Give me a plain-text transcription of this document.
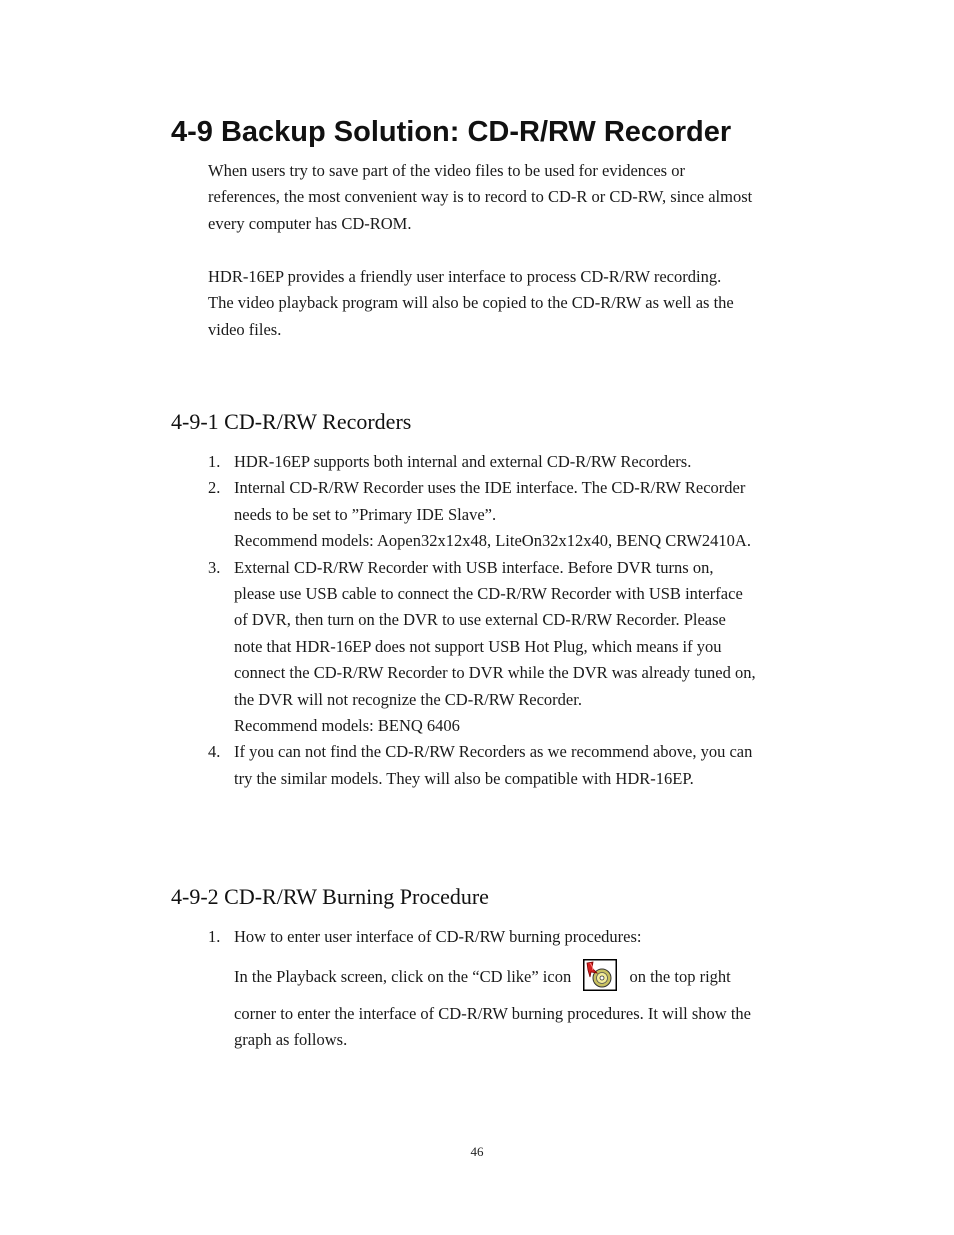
4-9 Backup Solution: CD-R/RW Recorder
When users try to save part of the video files to be used for evidences or
references, the most convenient way is to record to CD-R or CD-RW, since almost
every computer has CD-ROM.
HDR-16EP provides a friendly user interface to process CD-R/RW recording.
The video playback program will also be copied to the CD-R/RW as well as the
video files.
4-9-1 CD-R/RW Recorders
1. HDR-16EP supports both internal and external CD-R/RW Recorders.
2. Internal CD-R/RW Recorder uses the IDE interface. The CD-R/RW Recorder
needs to be set to ”Primary IDE Slave”.
Recommend models: Aopen32x12x48, LiteOn32x12x40, BENQ CRW2410A.
3. External CD-R/RW Recorder with USB interface. Before DVR turns on,
please use USB cable to connect the CD-R/RW Recorder with USB interface
of DVR, then turn on the DVR to use external CD-R/RW Recorder. Please
note that HDR-16EP does not support USB Hot Plug, which means if you
connect the CD-R/RW Recorder to DVR while the DVR was already tuned on,
the DVR will not recognize the CD-R/RW Recorder.
Recommend models: BENQ 6406
4. If you can not find the CD-R/RW Recorders as we recommend above, you can
try the similar models. They will also be compatible with HDR-16EP.
4-9-2 CD-R/RW Burning Procedure
1. How to enter user interface of CD-R/RW burning procedures:
In the Playback screen, click on the “CD like” icon	on the top right
corner to enter the interface of CD-R/RW burning procedures. It will show the
graph as follows.
46
